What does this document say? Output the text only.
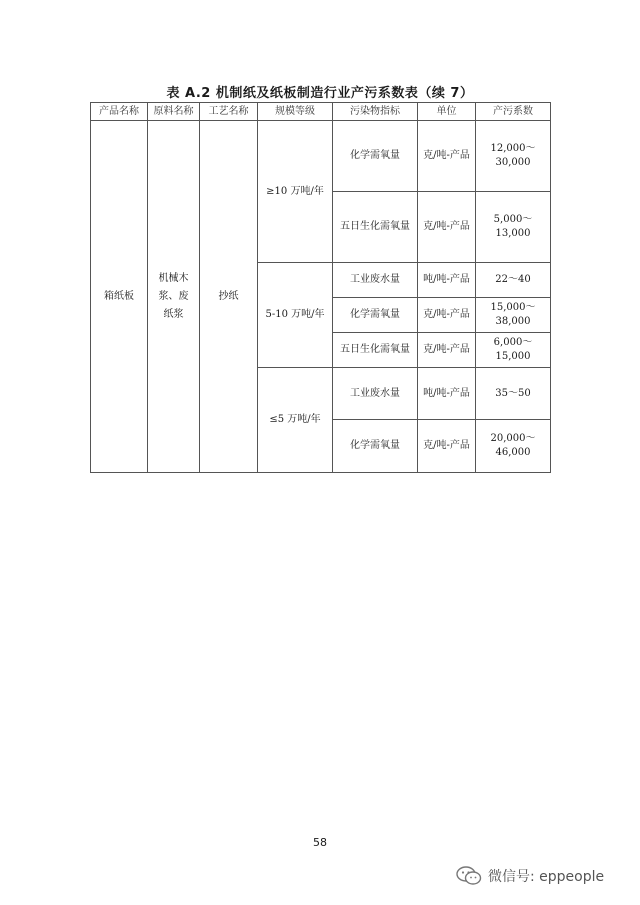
表 A.2 机制纸及纸板制造行业产污系数表（续 7）
产品名称	原料名称	工艺名称	规模等级	污染物指标	单位	产污系数
箱纸板	机械木浆、废纸浆	抄纸	≥10 万吨/年	化学需氧量	克/吨-产品	12,000～30,000
				五日生化需氧量	克/吨-产品	5,000～13,000
			5-10 万吨/年	工业废水量	吨/吨-产品	22～40
				化学需氧量	克/吨-产品	15,000～38,000
				五日生化需氧量	克/吨-产品	6,000～15,000
			≤5 万吨/年	工业废水量	吨/吨-产品	35～50
				化学需氧量	克/吨-产品	20,000～46,000
58
微信号: eppeople
